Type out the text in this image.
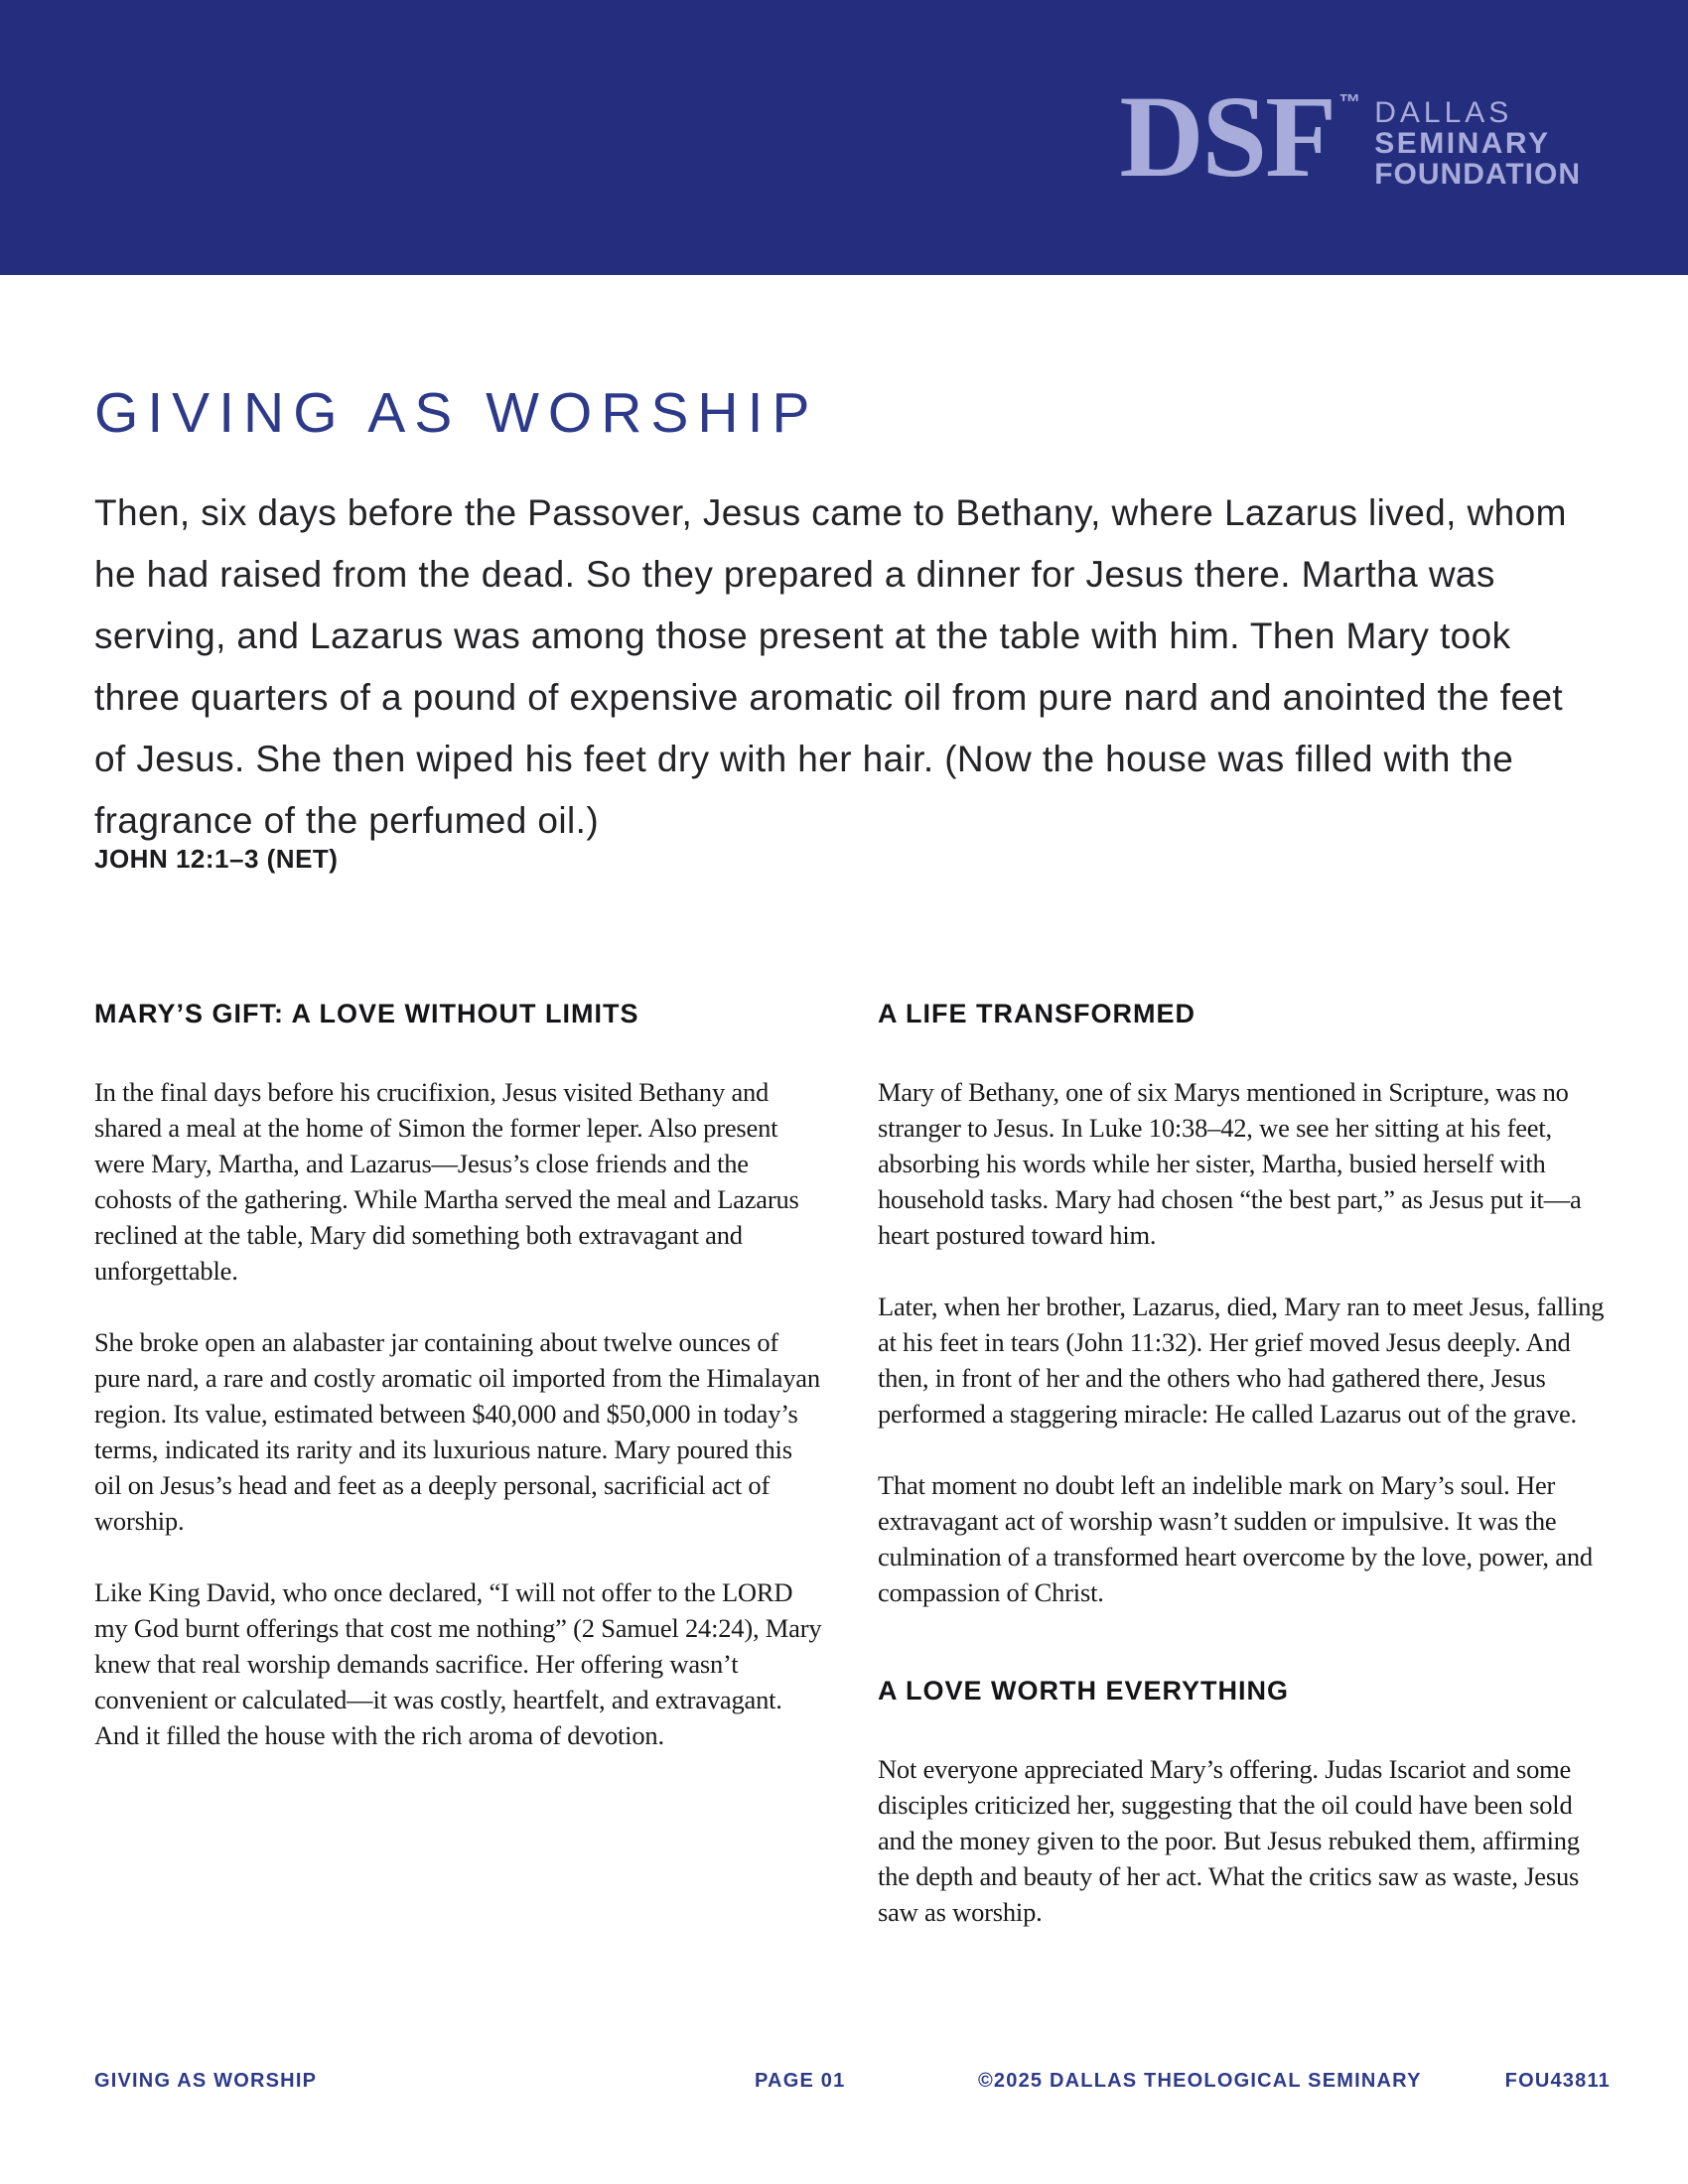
DSF ™ DALLAS
SEMINARY
FOUNDATION
GIVING AS WORSHIP
Then, six days before the Passover, Jesus came to Bethany, where Lazarus lived, whom he had raised from the dead. So they prepared a dinner for Jesus there. Martha was serving, and Lazarus was among those present at the table with him. Then Mary took three quarters of a pound of expensive aromatic oil from pure nard and anointed the feet of Jesus. She then wiped his feet dry with her hair. (Now the house was filled with the fragrance of the perfumed oil.)
JOHN 12:1–3 (NET)
MARY’S GIFT: A LOVE WITHOUT LIMITS

In the final days before his crucifixion, Jesus visited Bethany and shared a meal at the home of Simon the former leper. Also present were Mary, Martha, and Lazarus—Jesus’s close friends and the cohosts of the gathering. While Martha served the meal and Lazarus reclined at the table, Mary did something both extravagant and unforgettable.

She broke open an alabaster jar containing about twelve ounces of pure nard, a rare and costly aromatic oil imported from the Himalayan region. Its value, estimated between $40,000 and $50,000 in today’s terms, indicated its rarity and its luxurious nature. Mary poured this oil on Jesus’s head and feet as a deeply personal, sacrificial act of worship.

Like King David, who once declared, “I will not offer to the LORD my God burnt offerings that cost me nothing” (2 Samuel 24:24), Mary knew that real worship demands sacrifice. Her offering wasn’t convenient or calculated—it was costly, heartfelt, and extravagant. And it filled the house with the rich aroma of devotion.

A LIFE TRANSFORMED

Mary of Bethany, one of six Marys mentioned in Scripture, was no stranger to Jesus. In Luke 10:38–42, we see her sitting at his feet, absorbing his words while her sister, Martha, busied herself with household tasks. Mary had chosen “the best part,” as Jesus put it—a heart postured toward him.

Later, when her brother, Lazarus, died, Mary ran to meet Jesus, falling at his feet in tears (John 11:32). Her grief moved Jesus deeply. And then, in front of her and the others who had gathered there, Jesus performed a staggering miracle: He called Lazarus out of the grave.

That moment no doubt left an indelible mark on Mary’s soul. Her extravagant act of worship wasn’t sudden or impulsive. It was the culmination of a transformed heart overcome by the love, power, and compassion of Christ.

A LOVE WORTH EVERYTHING

Not everyone appreciated Mary’s offering. Judas Iscariot and some disciples criticized her, suggesting that the oil could have been sold and the money given to the poor. But Jesus rebuked them, affirming the depth and beauty of her act. What the critics saw as waste, Jesus saw as worship.

GIVING AS WORSHIP	PAGE 01	©2025 DALLAS THEOLOGICAL SEMINARY	FOU43811
